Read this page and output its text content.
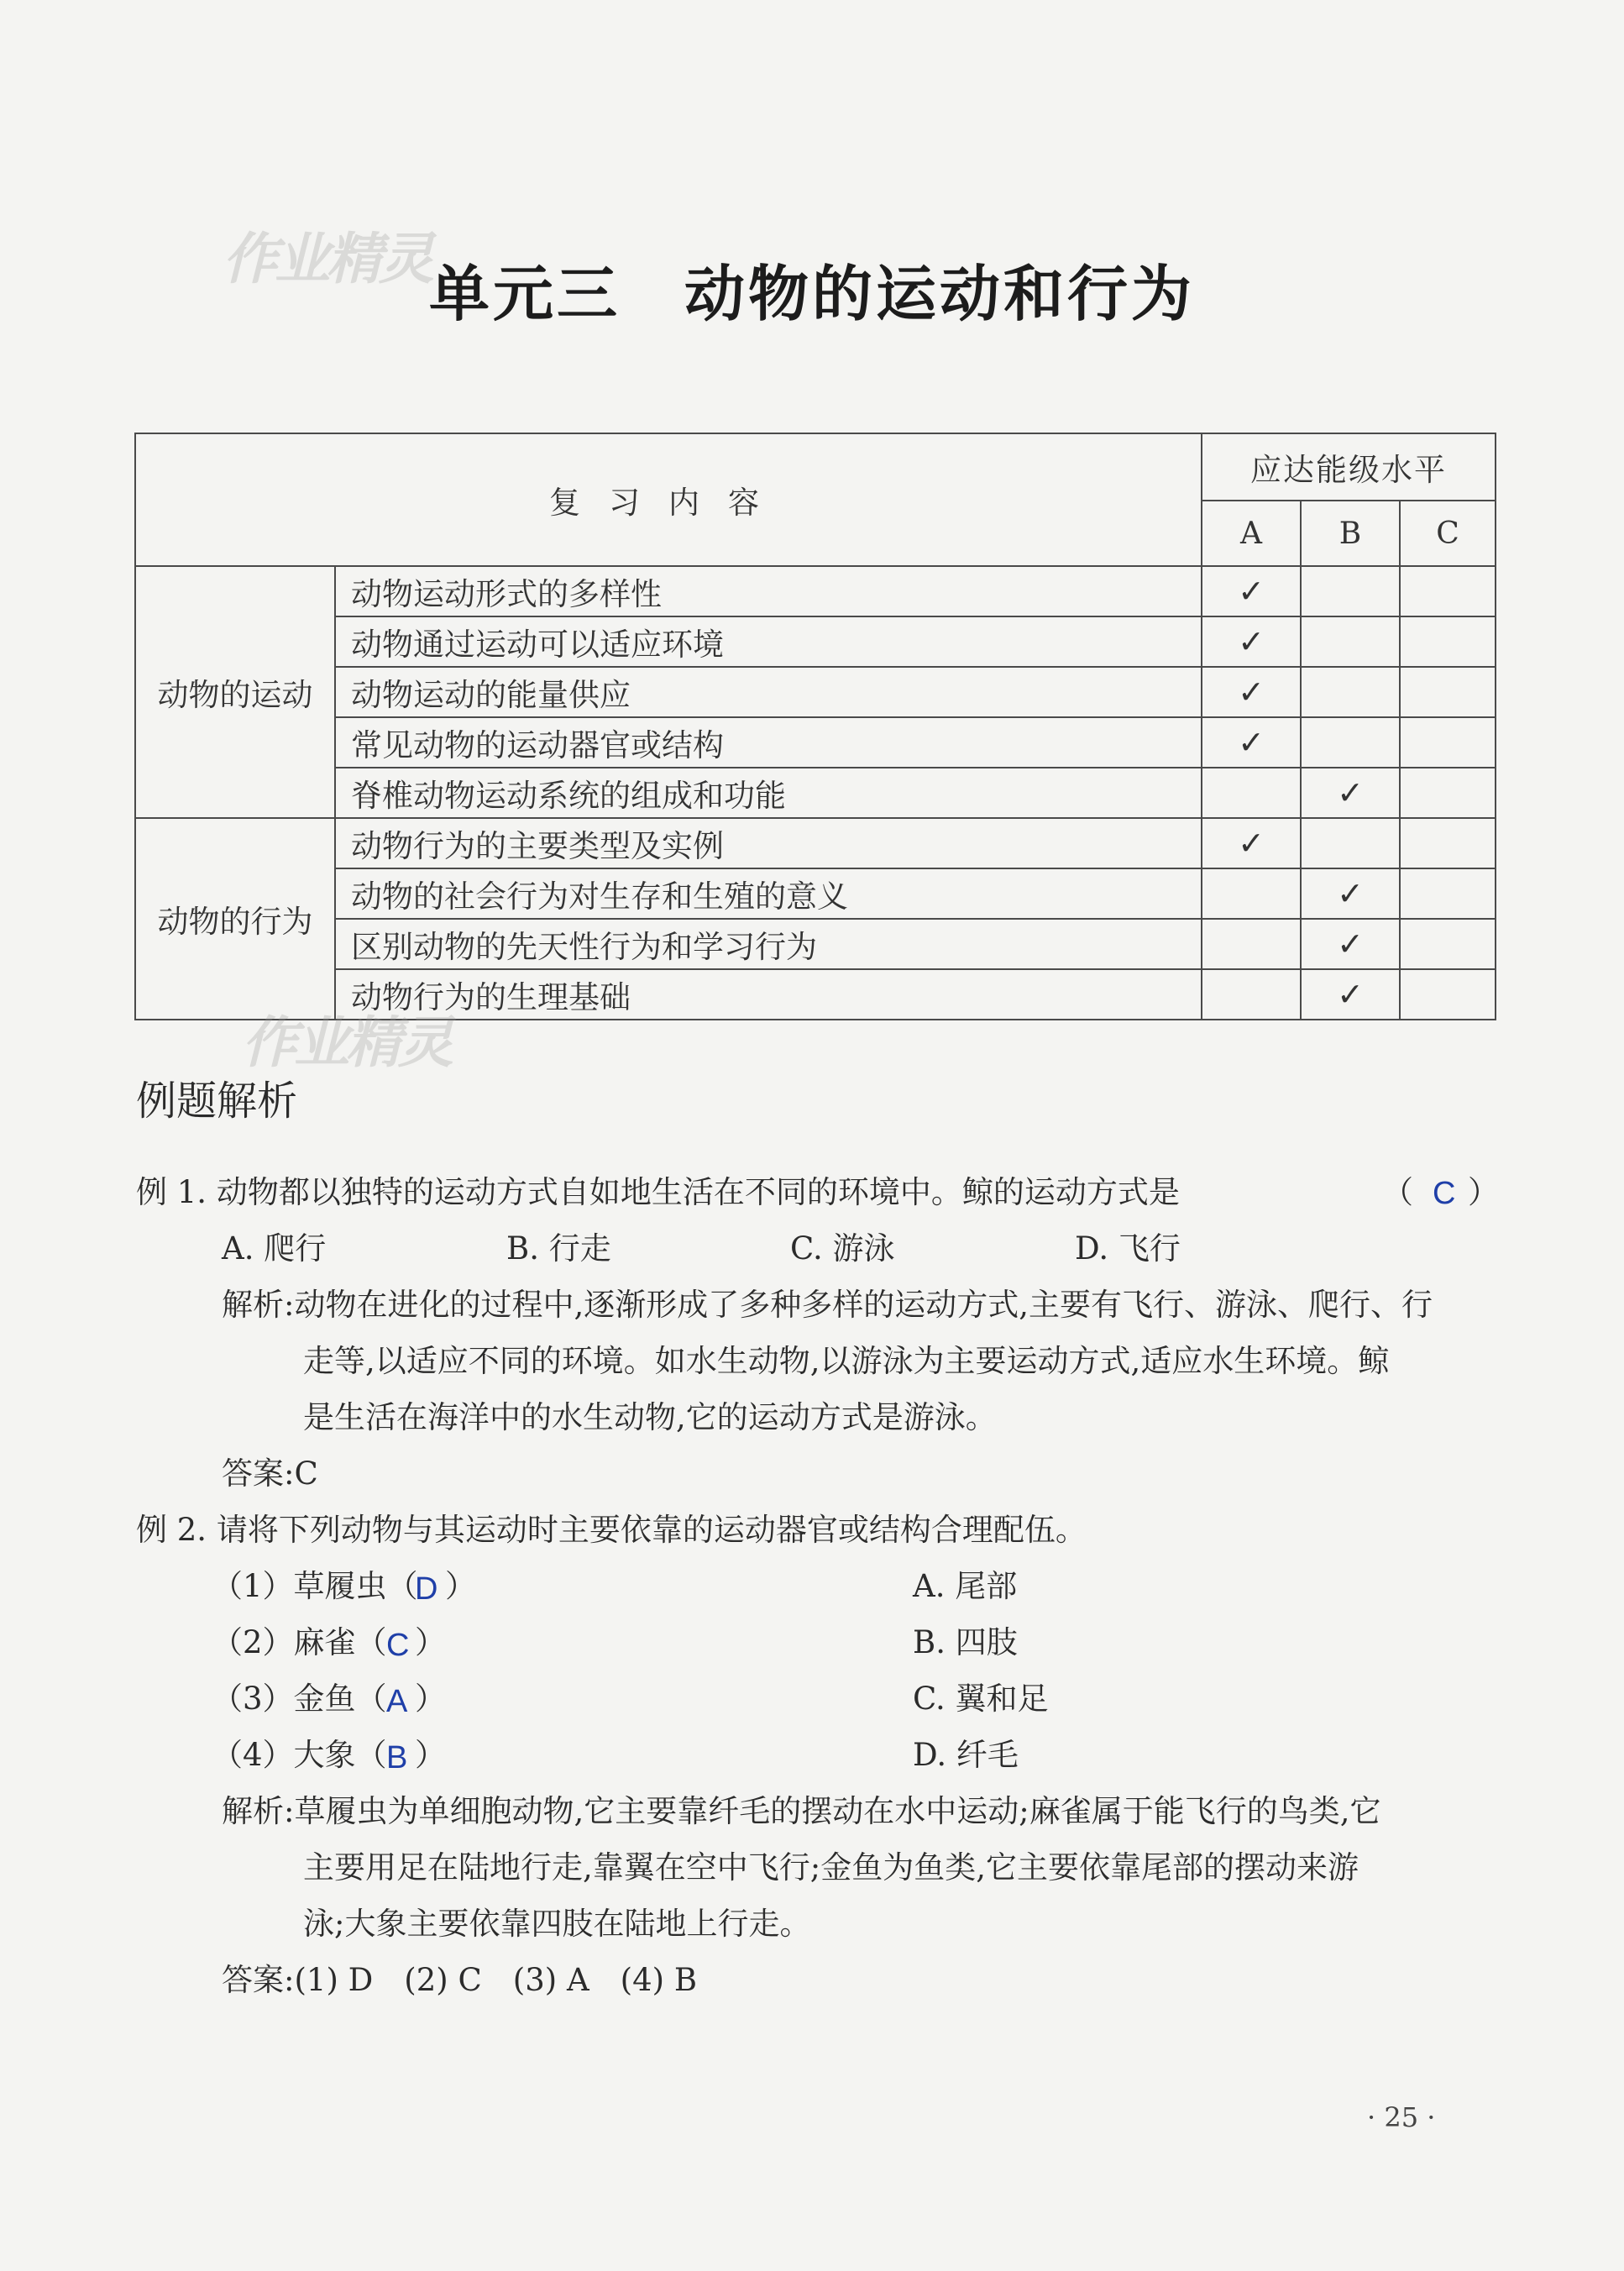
作业精灵
单元三　动物的运动和行为
复习内容		应达能级水平		
		A	B	C
动物的运动	动物运动形式的多样性	✓		
	动物通过运动可以适应环境	✓		
	动物运动的能量供应	✓		
	常见动物的运动器官或结构	✓		
	脊椎动物运动系统的组成和功能		✓	
动物的行为	动物行为的主要类型及实例	✓		
	动物的社会行为对生存和生殖的意义		✓	
	区别动物的先天性行为和学习行为		✓	
	动物行为的生理基础		✓	
作业精灵
例题解析
例 1. 动物都以独特的运动方式自如地生活在不同的环境中。鲸的运动方式是	（ C ）
A. 爬行	B. 行走	C. 游泳	D. 飞行
解析:动物在进化的过程中,逐渐形成了多种多样的运动方式,主要有飞行、游泳、爬行、行
走等,以适应不同的环境。如水生动物,以游泳为主要运动方式,适应水生环境。鲸
是生活在海洋中的水生动物,它的运动方式是游泳。
答案:C
例 2. 请将下列动物与其运动时主要依靠的运动器官或结构合理配伍。
（1）草履虫（
D ）	A. 尾部
（2）麻雀（ C ）	B. 四肢
（3）金鱼（ A ）	C. 翼和足
（4）大象（ B ）	D. 纤毛
解析:草履虫为单细胞动物,它主要靠纤毛的摆动在水中运动;麻雀属于能飞行的鸟类,它
主要用足在陆地行走,靠翼在空中飞行;金鱼为鱼类,它主要依靠尾部的摆动来游
泳;大象主要依靠四肢在陆地上行走。
答案:(1) D　(2) C　(3) A　(4) B
· 25 ·
